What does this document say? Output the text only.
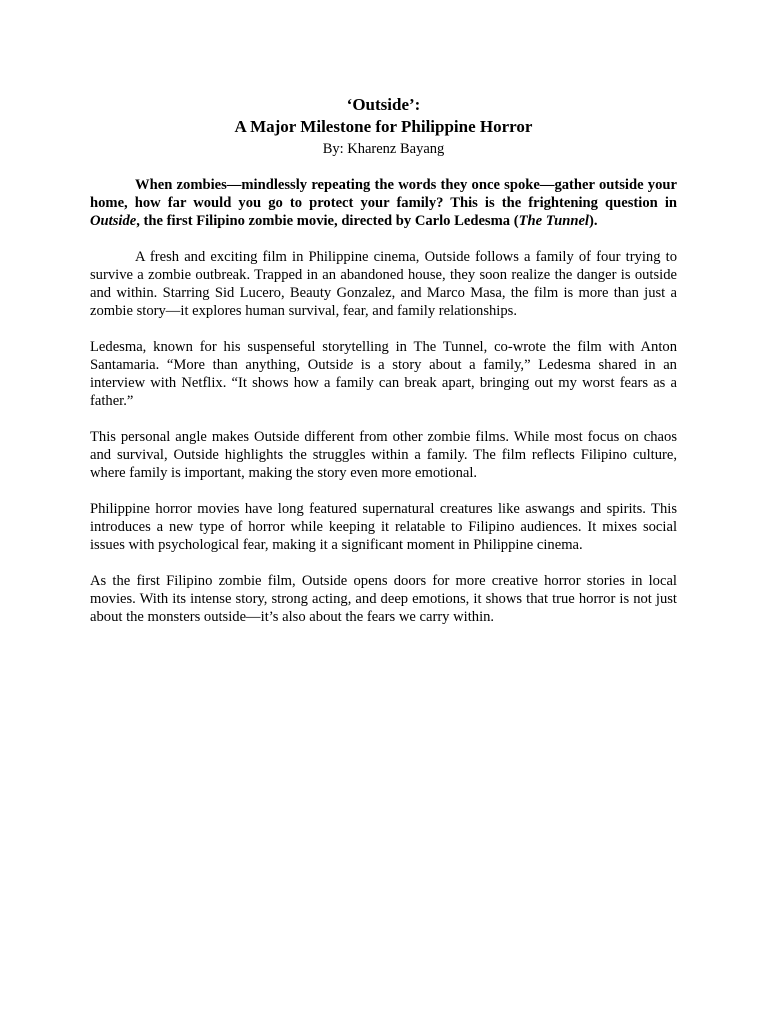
‘Outside’:
A Major Milestone for Philippine Horror
By: Kharenz Bayang

When zombies—mindlessly repeating the words they once spoke—gather outside your home, how far would you go to protect your family? This is the frightening question in Outside, the first Filipino zombie movie, directed by Carlo Ledesma (The Tunnel).

A fresh and exciting film in Philippine cinema, Outside follows a family of four trying to survive a zombie outbreak. Trapped in an abandoned house, they soon realize the danger is outside and within. Starring Sid Lucero, Beauty Gonzalez, and Marco Masa, the film is more than just a zombie story—it explores human survival, fear, and family relationships.

Ledesma, known for his suspenseful storytelling in The Tunnel, co-wrote the film with Anton Santamaria. “More than anything, Outside is a story about a family,” Ledesma shared in an interview with Netflix. “It shows how a family can break apart, bringing out my worst fears as a father.”

This personal angle makes Outside different from other zombie films. While most focus on chaos and survival, Outside highlights the struggles within a family. The film reflects Filipino culture, where family is important, making the story even more emotional.

Philippine horror movies have long featured supernatural creatures like aswangs and spirits. This introduces a new type of horror while keeping it relatable to Filipino audiences. It mixes social issues with psychological fear, making it a significant moment in Philippine cinema.

As the first Filipino zombie film, Outside opens doors for more creative horror stories in local movies. With its intense story, strong acting, and deep emotions, it shows that true horror is not just about the monsters outside—it’s also about the fears we carry within.
